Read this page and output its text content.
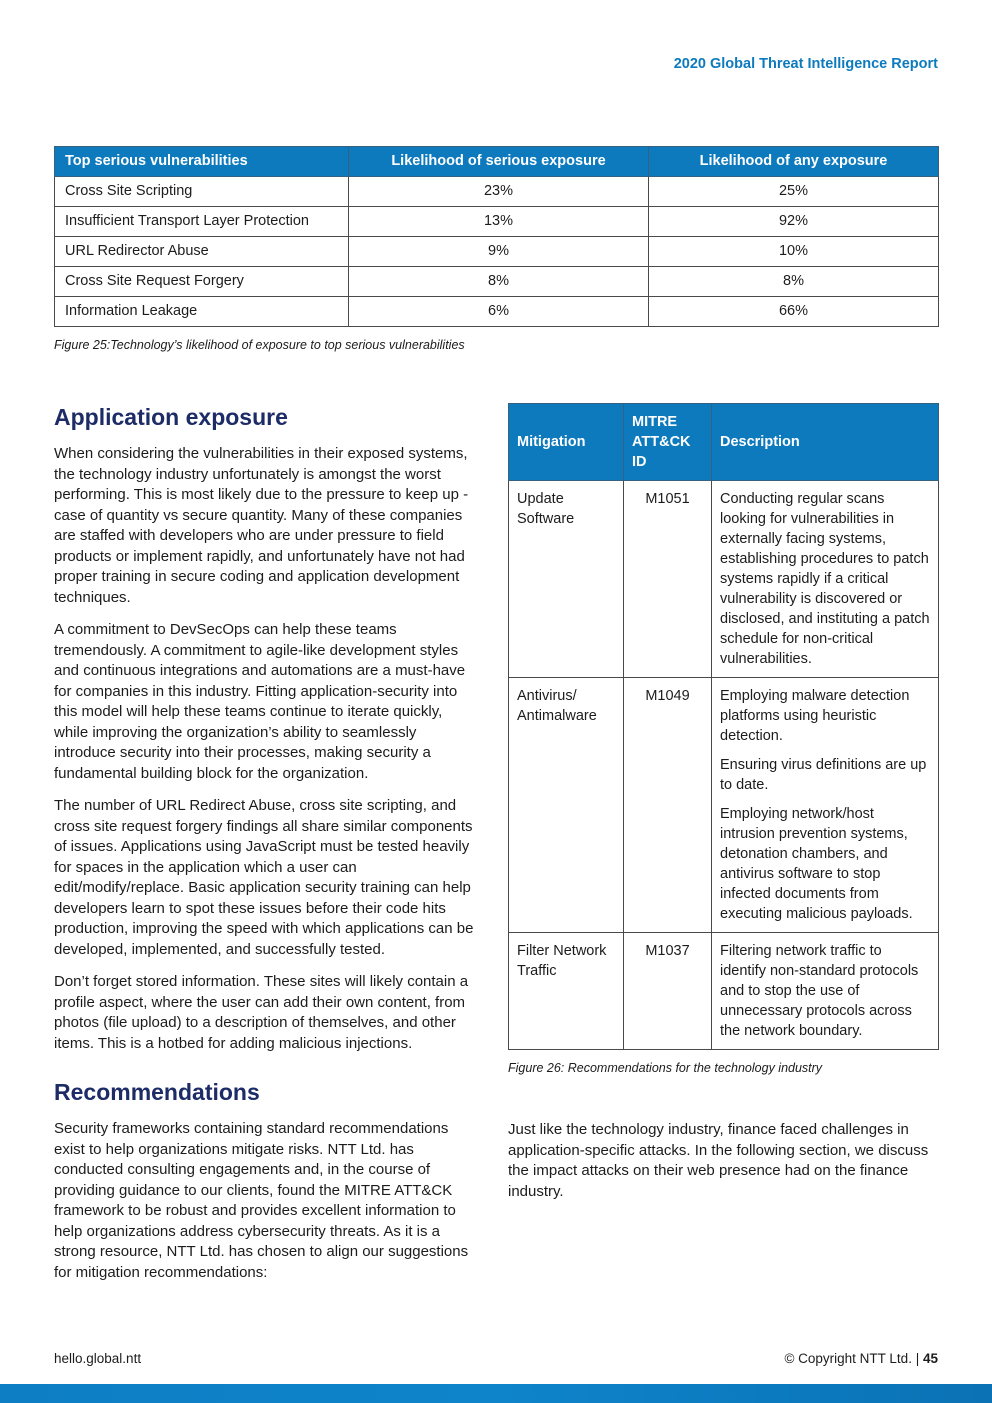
2020 Global Threat Intelligence Report
Top serious vulnerabilities	Likelihood of serious exposure	Likelihood of any exposure
Cross Site Scripting	23%	25%
Insufficient Transport Layer Protection	13%	92%
URL Redirector Abuse	9%	10%
Cross Site Request Forgery	8%	8%
Information Leakage	6%	66%
Figure 25:Technology’s likelihood of exposure to top serious vulnerabilities
Application exposure

When considering the vulnerabilities in their exposed systems, the technology industry unfortunately is amongst the worst performing. This is most likely due to the pressure to keep up - case of quantity vs secure quantity. Many of these companies are staffed with developers who are under pressure to field products or implement rapidly, and unfortunately have not had proper training in secure coding and application development techniques.

A commitment to DevSecOps can help these teams tremendously. A commitment to agile-like development styles and continuous integrations and automations are a must-have for companies in this industry. Fitting application-security into this model will help these teams continue to iterate quickly, while improving the organization’s ability to seamlessly introduce security into their processes, making security a fundamental building block for the organization.

The number of URL Redirect Abuse, cross site scripting, and cross site request forgery findings all share similar components of issues. Applications using JavaScript must be tested heavily for spaces in the application which a user can edit/modify/replace. Basic application security training can help developers learn to spot these issues before their code hits production, improving the speed with which applications can be developed, implemented, and successfully tested.

Don’t forget stored information. These sites will likely contain a profile aspect, where the user can add their own content, from photos (file upload) to a description of themselves, and other items. This is a hotbed for adding malicious injections.

Recommendations

Security frameworks containing standard recommendations exist to help organizations mitigate risks. NTT Ltd. has conducted consulting engagements and, in the course of providing guidance to our clients, found the MITRE ATT&CK framework to be robust and provides excellent information to help organizations address cybersecurity threats. As it is a strong resource, NTT Ltd. has chosen to align our suggestions for mitigation recommendations:

Mitigation	MITRE ATT&CK ID	Description
Update Software	M1051	Conducting regular scans looking for vulnerabilities in externally facing systems, establishing procedures to patch systems rapidly if a critical vulnerability is discovered or disclosed, and instituting a patch schedule for non-critical vulnerabilities.

Antivirus/ Antimalware	M1049	Employing malware detection platforms using heuristic detection.
Ensuring virus definitions are up to date.
Employing network/host intrusion prevention systems, detonation chambers, and antivirus software to stop infected documents from executing malicious payloads.

Filter Network Traffic	M1037	Filtering network traffic to identify non-standard protocols and to stop the use of unnecessary protocols across the network boundary.
Figure 26: Recommendations for the technology industry

Just like the technology industry, finance faced challenges in application-specific attacks. In the following section, we discuss the impact attacks on their web presence had on the finance industry.

hello.global.ntt	© Copyright NTT Ltd. | 45
